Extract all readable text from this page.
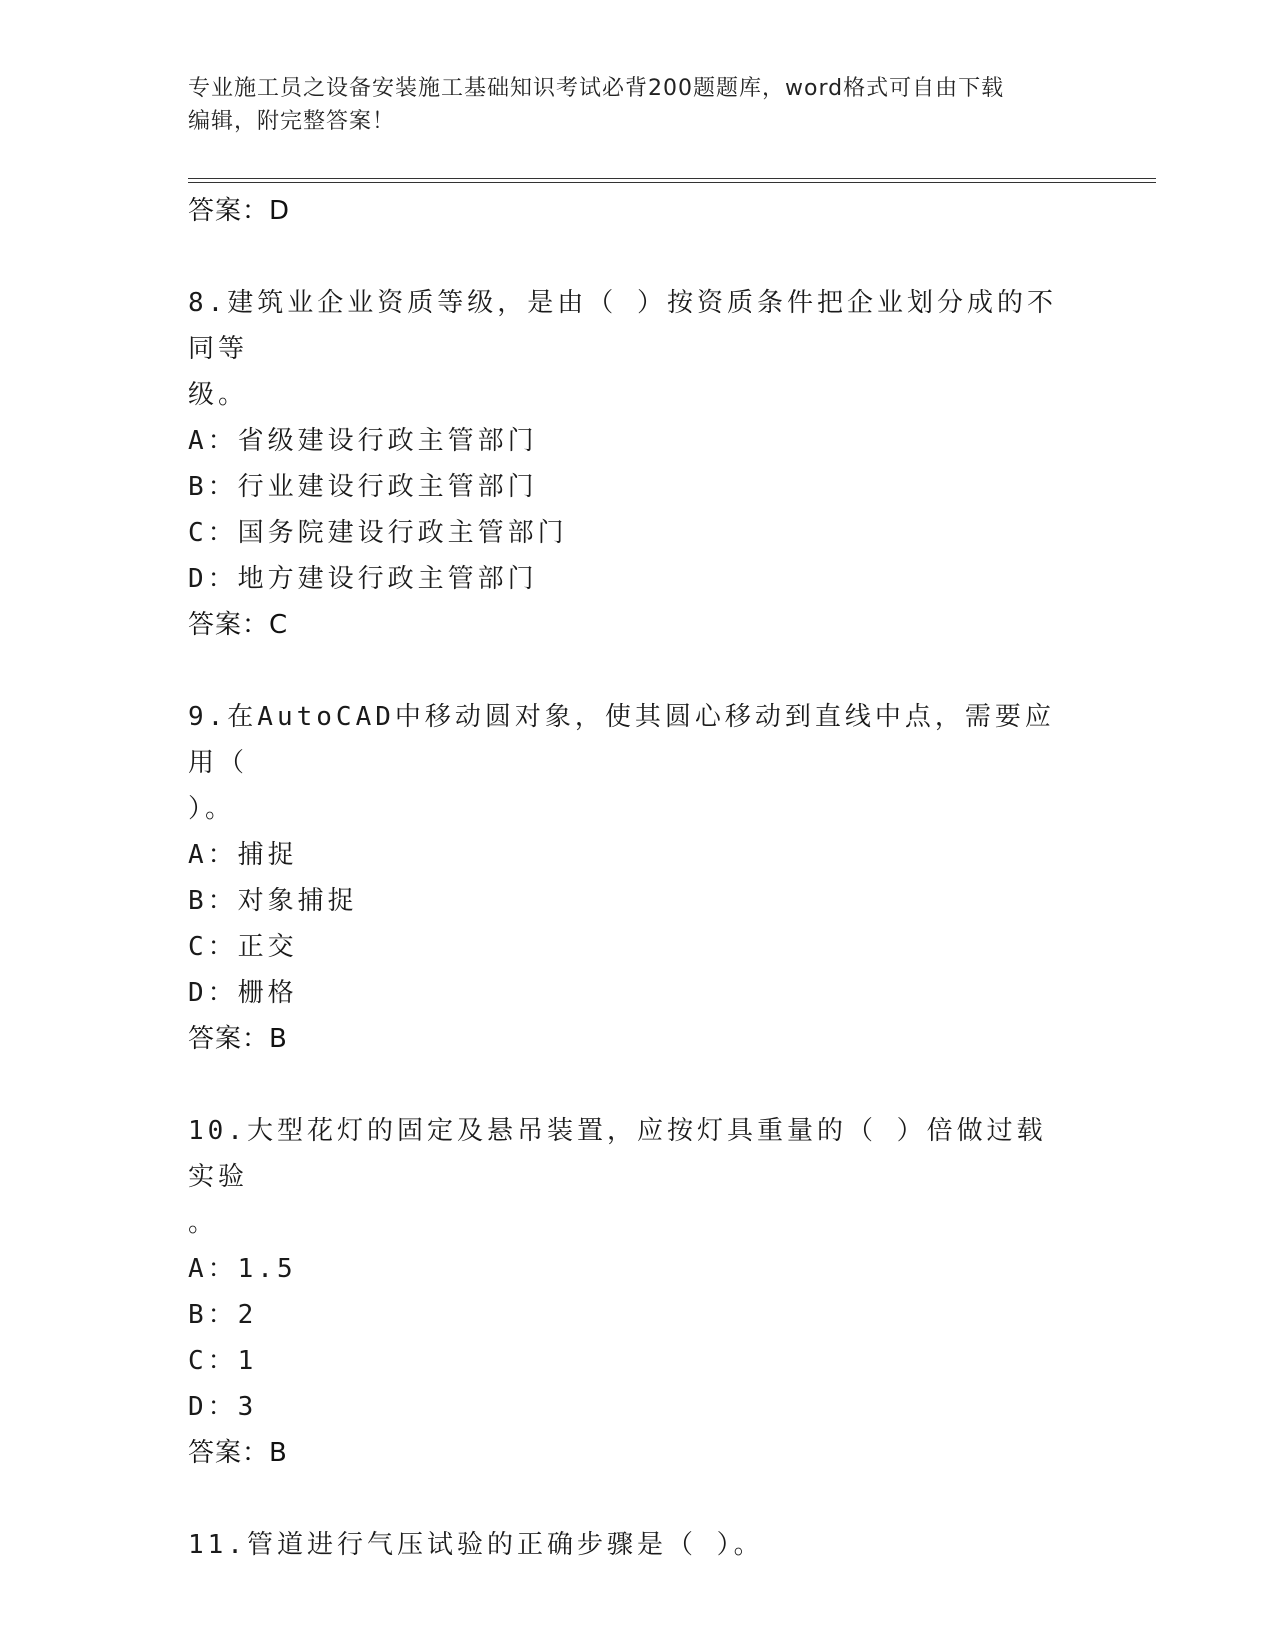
专业施工员之设备安装施工基础知识考试必背200题题库，word格式可自由下载
编辑，附完整答案！

答案：D

8.建筑业企业资质等级，是由（ ）按资质条件把企业划分成的不同等
级。

A：省级建设行政主管部门

B：行业建设行政主管部门

C：国务院建设行政主管部门

D：地方建设行政主管部门

答案：C

9.在AutoCAD中移动圆对象，使其圆心移动到直线中点，需要应用（
）。

A：捕捉

B：对象捕捉

C：正交

D：栅格

答案：B

10.大型花灯的固定及悬吊装置，应按灯具重量的（ ）倍做过载实验
。

A：1.5

B：2

C：1

D：3

答案：B

11.管道进行气压试验的正确步骤是（ ）。
